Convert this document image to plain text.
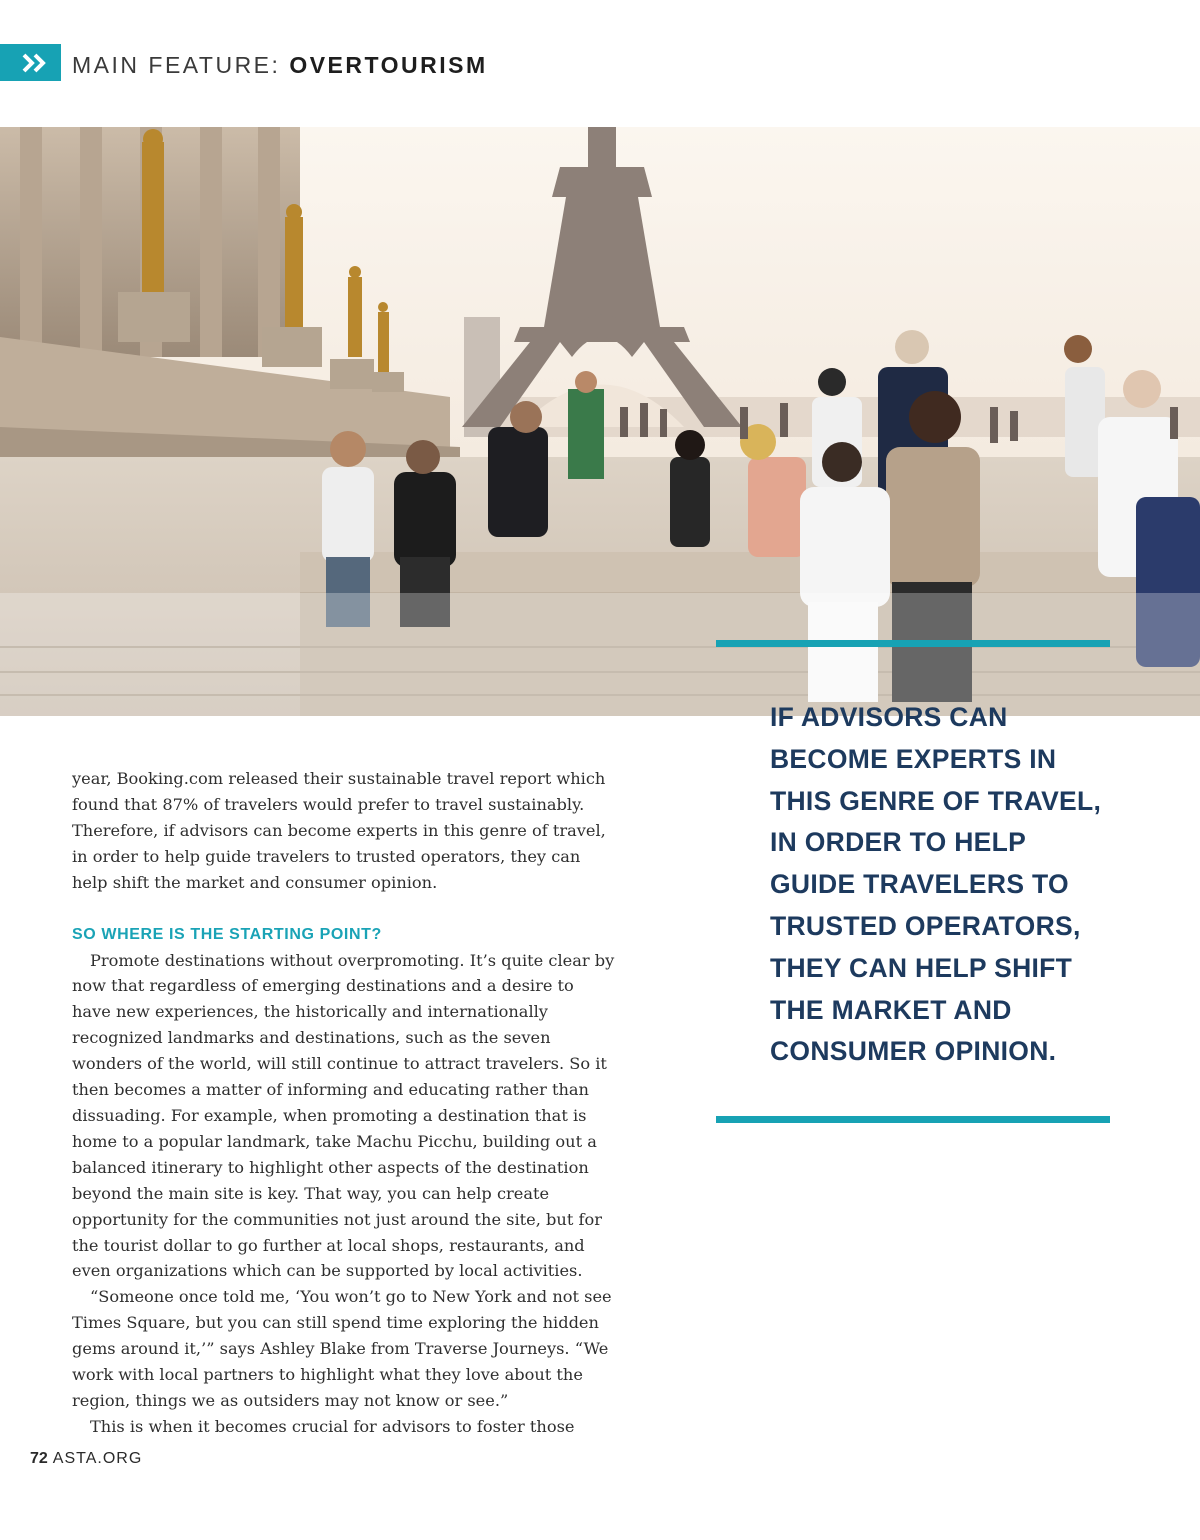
MAIN FEATURE: OVERTOURISM
IF ADVISORS CAN
BECOME EXPERTS IN
THIS GENRE OF TRAVEL,
IN ORDER TO HELP
GUIDE TRAVELERS TO
TRUSTED OPERATORS,
THEY CAN HELP SHIFT
THE MARKET AND
CONSUMER OPINION.

year, Booking.com released their sustainable travel report which found that 87% of travelers would prefer to travel sustainably. Therefore, if advisors can become experts in this genre of travel, in order to help guide travelers to trusted operators, they can help shift the market and consumer opinion.

SO WHERE IS THE STARTING POINT?

Promote destinations without overpromoting. It’s quite clear by now that regardless of emerging destinations and a desire to have new experiences, the historically and internationally recognized landmarks and destinations, such as the seven wonders of the world, will still continue to attract travelers. So it then becomes a matter of informing and educating rather than dissuading. For example, when promoting a destination that is home to a popular landmark, take Machu Picchu, building out a balanced itinerary to highlight other aspects of the destination beyond the main site is key. That way, you can help create opportunity for the communities not just around the site, but for the tourist dollar to go further at local shops, restaurants, and even organizations which can be supported by local activities.

“Someone once told me, ‘You won’t go to New York and not see Times Square, but you can still spend time exploring the hidden gems around it,’” says Ashley Blake from Traverse Journeys. “We work with local partners to highlight what they love about the region, things we as outsiders may not know or see.”

This is when it becomes crucial for advisors to foster those

72 ASTA.ORG
